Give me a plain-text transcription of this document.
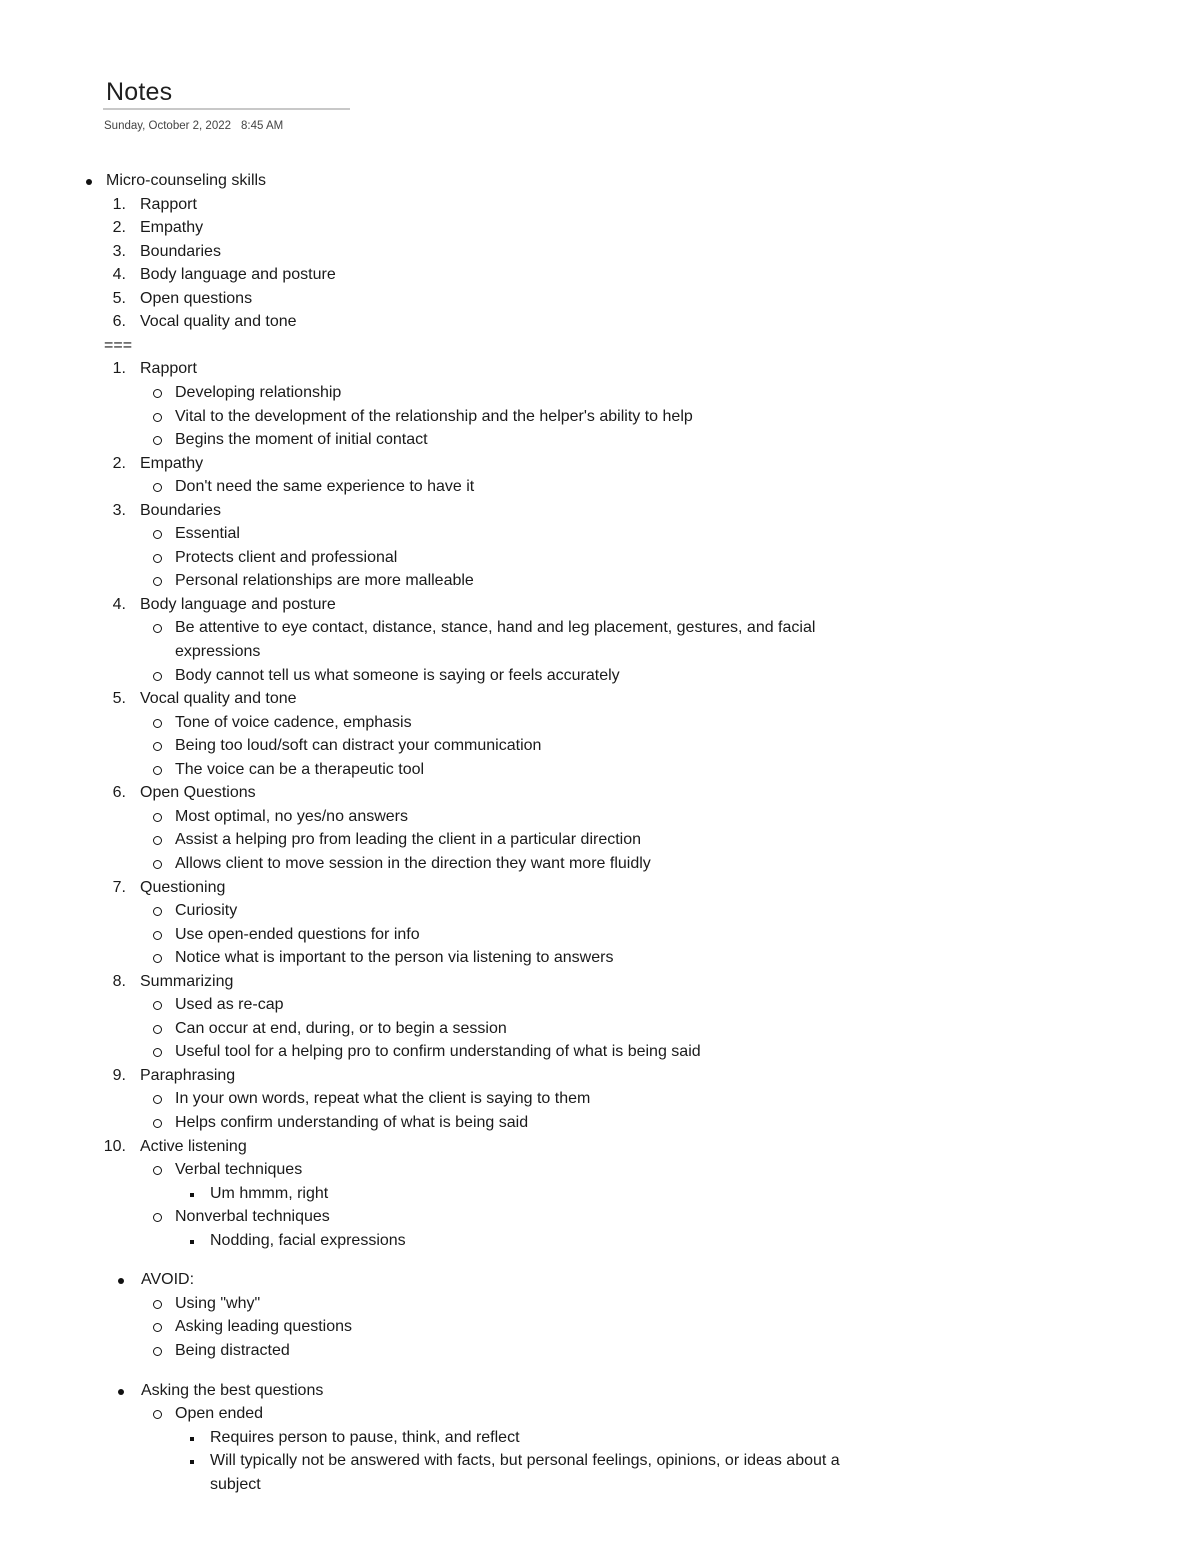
Notes
Sunday, October 2, 2022 8:45 AM
Micro-counseling skills
1. Rapport
2. Empathy
3. Boundaries
4. Body language and posture
5. Open questions
6. Vocal quality and tone
===
1. Rapport
Developing relationship
Vital to the development of the relationship and the helper's ability to help
Begins the moment of initial contact
2. Empathy
Don't need the same experience to have it
3. Boundaries
Essential
Protects client and professional
Personal relationships are more malleable
4. Body language and posture
Be attentive to eye contact, distance, stance, hand and leg placement, gestures, and facial
expressions
Body cannot tell us what someone is saying or feels accurately
5. Vocal quality and tone
Tone of voice cadence, emphasis
Being too loud/soft can distract your communication
The voice can be a therapeutic tool
6. Open Questions
Most optimal, no yes/no answers
Assist a helping pro from leading the client in a particular direction
Allows client to move session in the direction they want more fluidly
7. Questioning
Curiosity
Use open-ended questions for info
Notice what is important to the person via listening to answers
8. Summarizing
Used as re-cap
Can occur at end, during, or to begin a session
Useful tool for a helping pro to confirm understanding of what is being said
9. Paraphrasing
In your own words, repeat what the client is saying to them
Helps confirm understanding of what is being said
10. Active listening
Verbal techniques
Um hmmm, right
Nonverbal techniques
Nodding, facial expressions
AVOID:
Using "why"
Asking leading questions
Being distracted
Asking the best questions
Open ended
Requires person to pause, think, and reflect
Will typically not be answered with facts, but personal feelings, opinions, or ideas about a
subject
